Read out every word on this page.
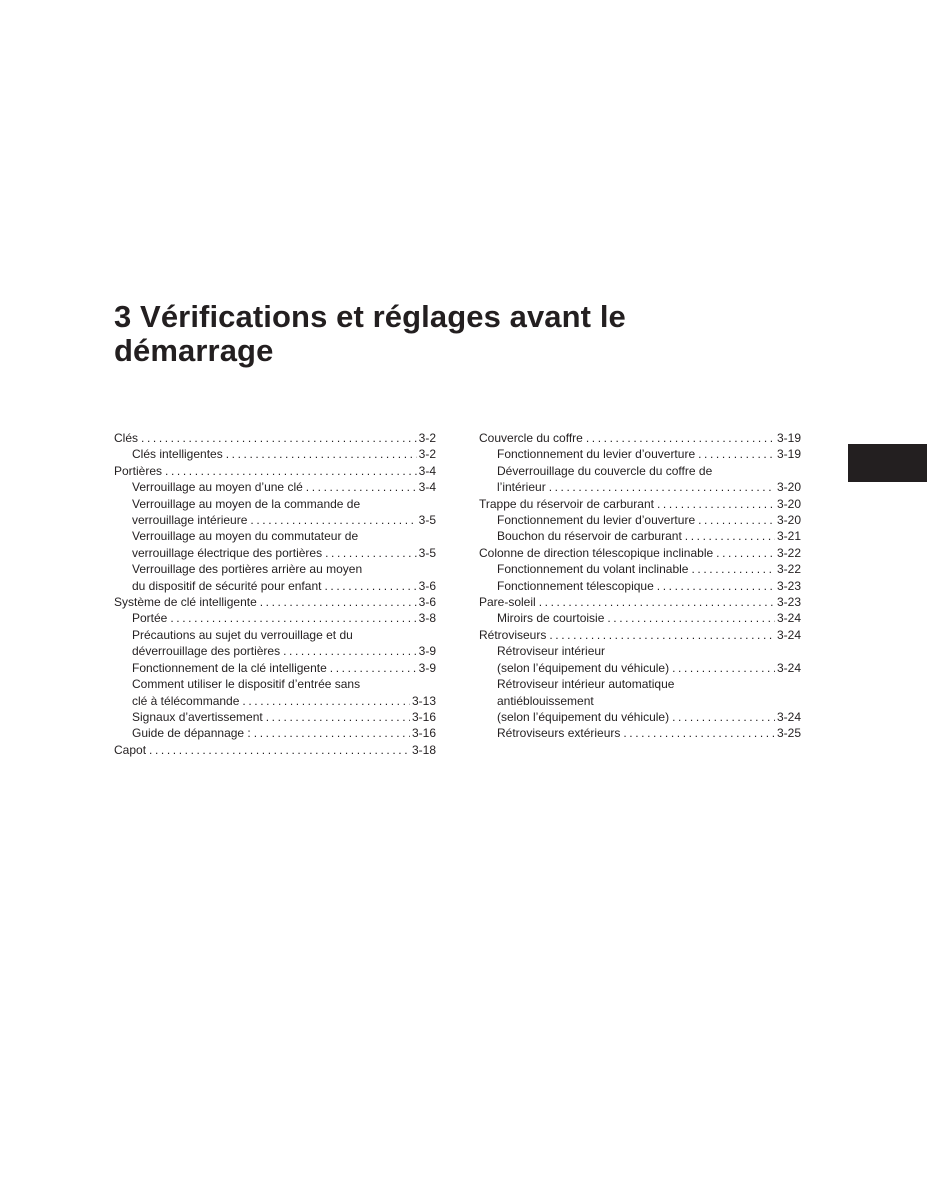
3 Vérifications et réglages avant le démarrage
Clés .....	3-2
Clés intelligentes .....	3-2
Portières .....	3-4
Verrouillage au moyen d’une clé .....	3-4
Verrouillage au moyen de la commande de
verrouillage intérieure .....	3-5
Verrouillage au moyen du commutateur de
verrouillage électrique des portières .....	3-5
Verrouillage des portières arrière au moyen
du dispositif de sécurité pour enfant .....	3-6
Système de clé intelligente .....	3-6
Portée .....	3-8
Précautions au sujet du verrouillage et du
déverrouillage des portières .....	3-9
Fonctionnement de la clé intelligente .....	3-9
Comment utiliser le dispositif d’entrée sans
clé à télécommande .....	3-13
Signaux d’avertissement .....	3-16
Guide de dépannage : .....	3-16
Capot .....	3-18
Couvercle du coffre .....	3-19
Fonctionnement du levier d’ouverture .....	3-19
Déverrouillage du couvercle du coffre de
l’intérieur .....	3-20
Trappe du réservoir de carburant .....	3-20
Fonctionnement du levier d’ouverture .....	3-20
Bouchon du réservoir de carburant .....	3-21
Colonne de direction télescopique inclinable .....	3-22
Fonctionnement du volant inclinable .....	3-22
Fonctionnement télescopique .....	3-23
Pare-soleil .....	3-23
Miroirs de courtoisie .....	3-24
Rétroviseurs .....	3-24
Rétroviseur intérieur
(selon l’équipement du véhicule) .....	3-24
Rétroviseur intérieur automatique
antiéblouissement
(selon l’équipement du véhicule) .....	3-24
Rétroviseurs extérieurs .....	3-25
